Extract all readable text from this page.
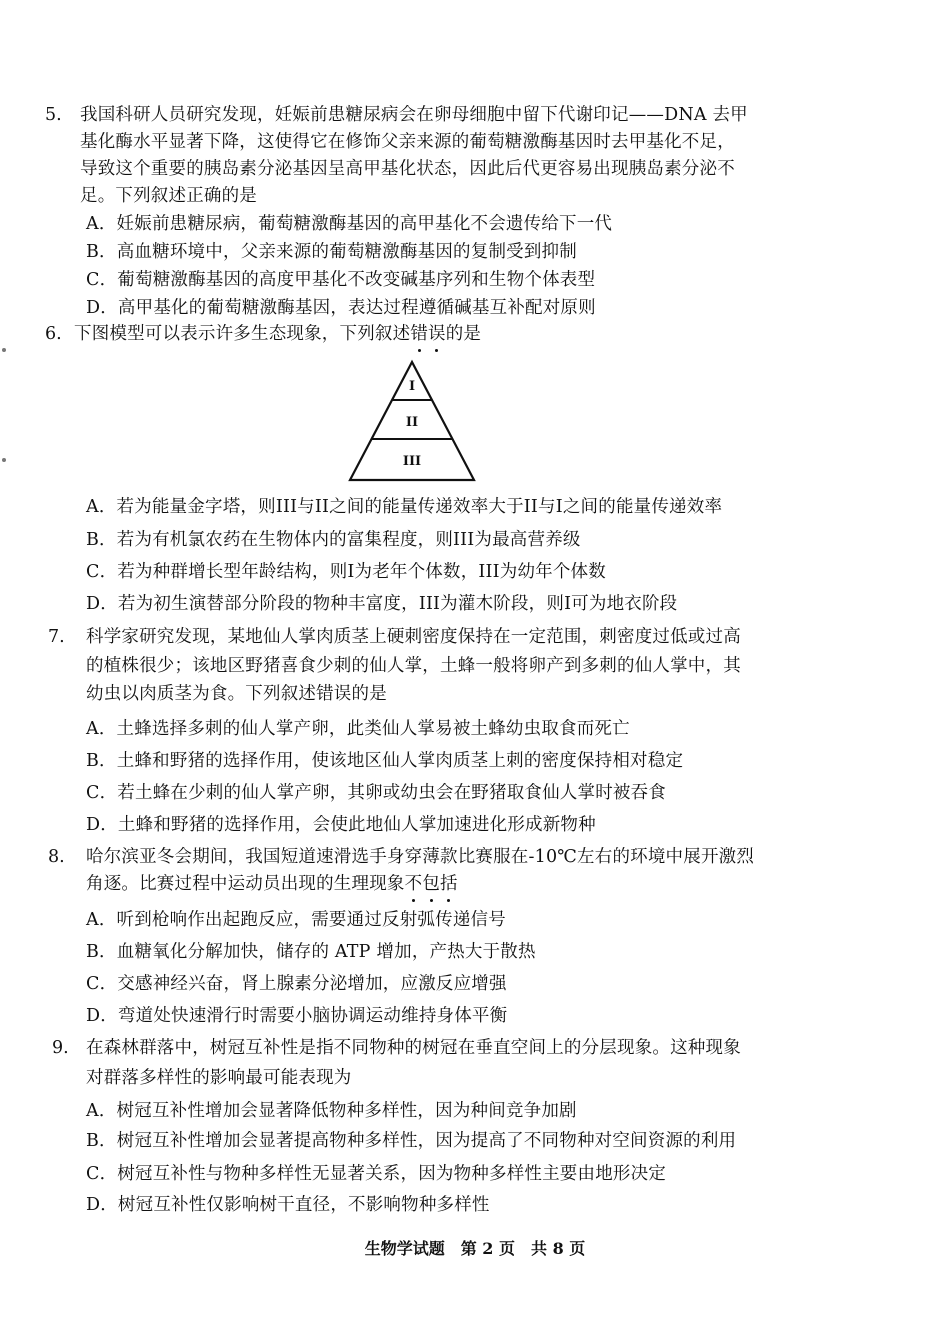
5. 我国科研人员研究发现，妊娠前患糖尿病会在卵母细胞中留下代谢印记——DNA 去甲
基化酶水平显著下降，这使得它在修饰父亲来源的葡萄糖激酶基因时去甲基化不足，
导致这个重要的胰岛素分泌基因呈高甲基化状态，因此后代更容易出现胰岛素分泌不
足。下列叙述正确的是
A．妊娠前患糖尿病，葡萄糖激酶基因的高甲基化不会遗传给下一代
B．高血糖环境中，父亲来源的葡萄糖激酶基因的复制受到抑制
C．葡萄糖激酶基因的高度甲基化不改变碱基序列和生物个体表型
D．高甲基化的葡萄糖激酶基因，表达过程遵循碱基互补配对原则
6. 下图模型可以表示许多生态现象，下列叙述错
误
的是
I
II
III
A．若为能量金字塔，则III与II之间的能量传递效率大于II与I之间的能量传递效率
B．若为有机氯农药在生物体内的富集程度，则III为最高营养级
C．若为种群增长型年龄结构，则I为老年个体数，III为幼年个体数
D．若为初生演替部分阶段的物种丰富度，III为灌木阶段，则I可为地衣阶段
7. 科学家研究发现，某地仙人掌肉质茎上硬刺密度保持在一定范围，刺密度过低或过高
的植株很少；该地区野猪喜食少刺的仙人掌，土蜂一般将卵产到多刺的仙人掌中，其
幼虫以肉质茎为食。下列叙述错误的是
A．土蜂选择多刺的仙人掌产卵，此类仙人掌易被土蜂幼虫取食而死亡
B．土蜂和野猪的选择作用，使该地区仙人掌肉质茎上刺的密度保持相对稳定
C．若土蜂在少刺的仙人掌产卵，其卵或幼虫会在野猪取食仙人掌时被吞食
D．土蜂和野猪的选择作用，会使此地仙人掌加速进化形成新物种
8. 哈尔滨亚冬会期间，我国短道速滑选手身穿薄款比赛服在-10℃左右的环境中展开激烈
角逐。比赛过程中运动员出现的生理现象不
包
括
A．听到枪响作出起跑反应，需要通过反射弧传递信号
B．血糖氧化分解加快，储存的 ATP 增加，产热大于散热
C．交感神经兴奋，肾上腺素分泌增加，应激反应增强
D．弯道处快速滑行时需要小脑协调运动维持身体平衡
9. 在森林群落中，树冠互补性是指不同物种的树冠在垂直空间上的分层现象。这种现象
对群落多样性的影响最可能表现为
A．树冠互补性增加会显著降低物种多样性，因为种间竞争加剧
B．树冠互补性增加会显著提高物种多样性，因为提高了不同物种对空间资源的利用
C．树冠互补性与物种多样性无显著关系，因为物种多样性主要由地形决定
D．树冠互补性仅影响树干直径，不影响物种多样性
生物学试题　第 2 页　共 8 页
